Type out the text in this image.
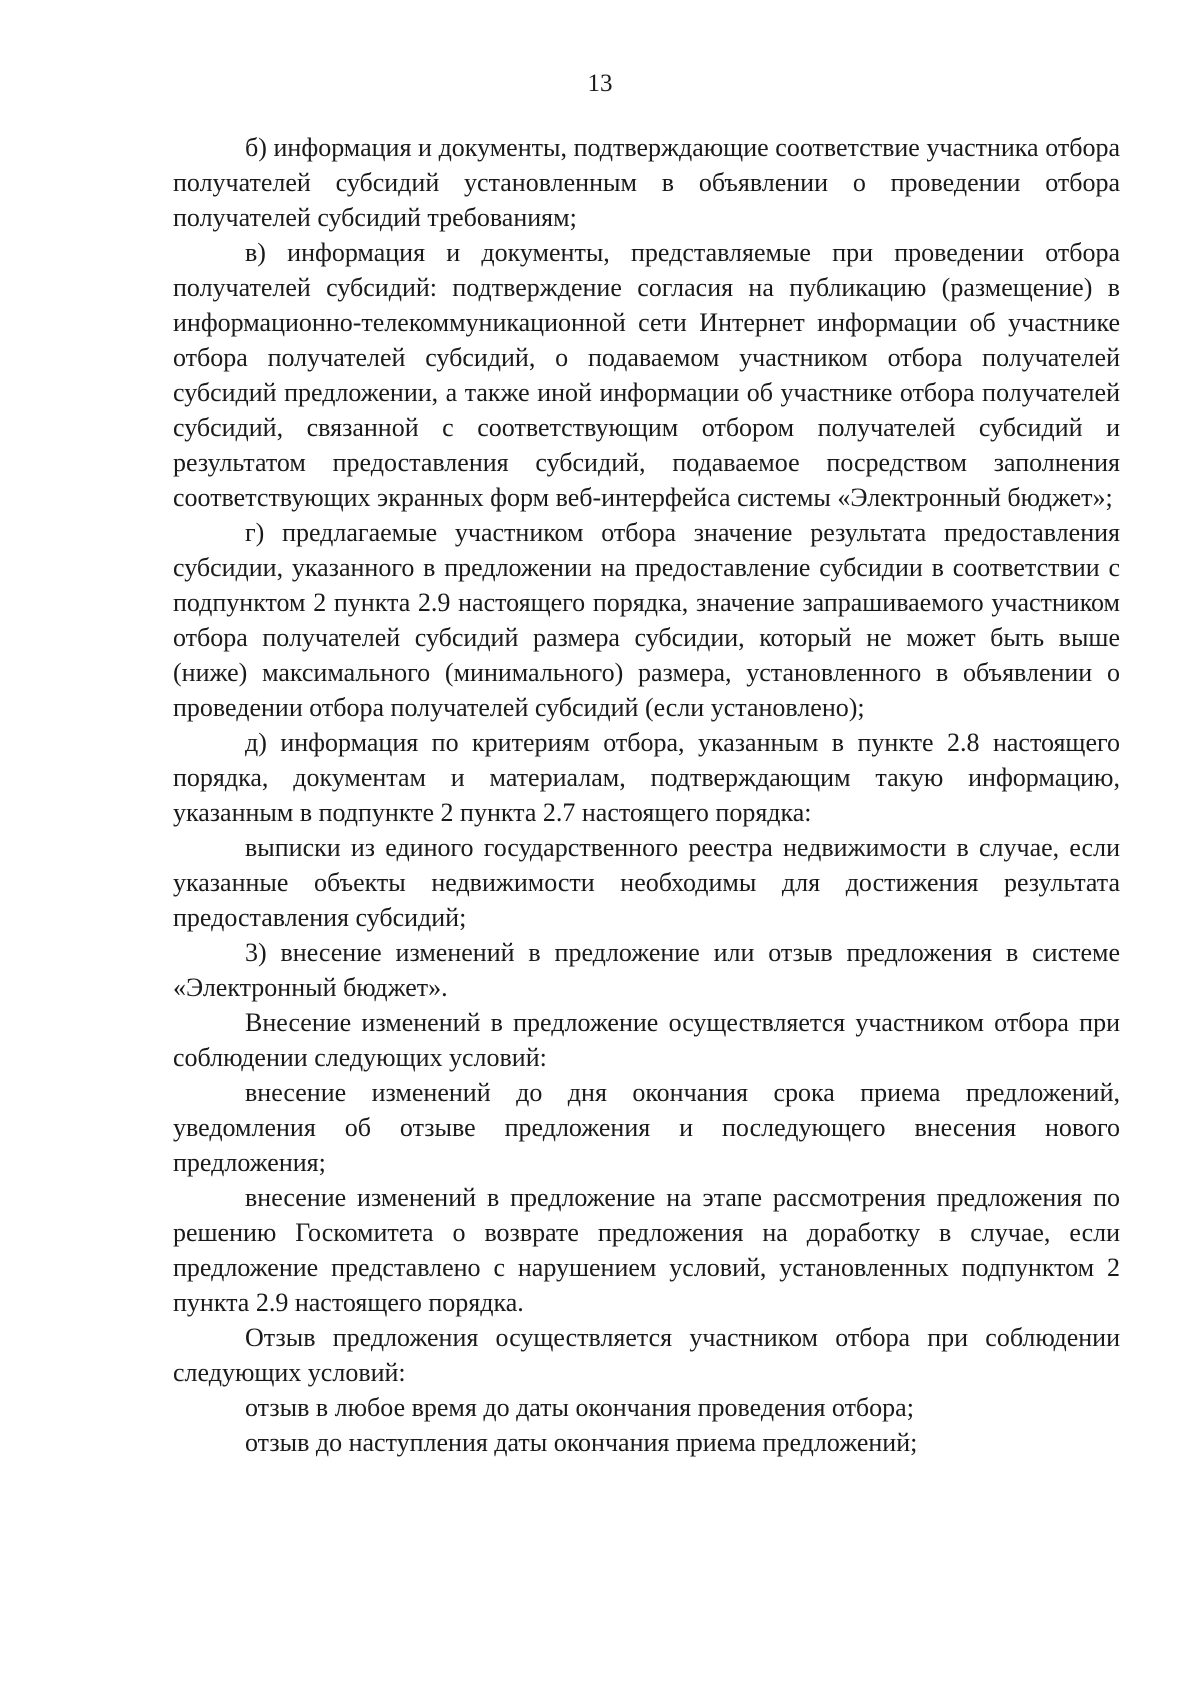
13

б) информация и документы, подтверждающие соответствие участника отбора получателей субсидий установленным в объявлении о проведении отбора получателей субсидий требованиям;

в) информация и документы, представляемые при проведении отбора получателей субсидий: подтверждение согласия на публикацию (размещение) в информационно-телекоммуникационной сети Интернет информации об участнике отбора получателей субсидий, о подаваемом участником отбора получателей субсидий предложении, а также иной информации об участнике отбора получателей субсидий, связанной с соответствующим отбором получателей субсидий и результатом предоставления субсидий, подаваемое посредством заполнения соответствующих экранных форм веб-интерфейса системы «Электронный бюджет»;

г) предлагаемые участником отбора значение результата предоставления субсидии, указанного в предложении на предоставление субсидии в соответствии с подпунктом 2 пункта 2.9 настоящего порядка, значение запрашиваемого участником отбора получателей субсидий размера субсидии, который не может быть выше (ниже) максимального (минимального) размера, установленного в объявлении о проведении отбора получателей субсидий (если установлено);

д) информация по критериям отбора, указанным в пункте 2.8 настоящего порядка, документам и материалам, подтверждающим такую информацию, указанным в подпункте 2 пункта 2.7 настоящего порядка:

выписки из единого государственного реестра недвижимости в случае, если указанные объекты недвижимости необходимы для достижения результата предоставления субсидий;

3) внесение изменений в предложение или отзыв предложения в системе «Электронный бюджет».

Внесение изменений в предложение осуществляется участником отбора при соблюдении следующих условий:

внесение изменений до дня окончания срока приема предложений, уведомления об отзыве предложения и последующего внесения нового предложения;

внесение изменений в предложение на этапе рассмотрения предложения по решению Госкомитета о возврате предложения на доработку в случае, если предложение представлено с нарушением условий, установленных подпунктом 2 пункта 2.9 настоящего порядка.

Отзыв предложения осуществляется участником отбора при соблюдении следующих условий:

отзыв в любое время до даты окончания проведения отбора;

отзыв до наступления даты окончания приема предложений;
